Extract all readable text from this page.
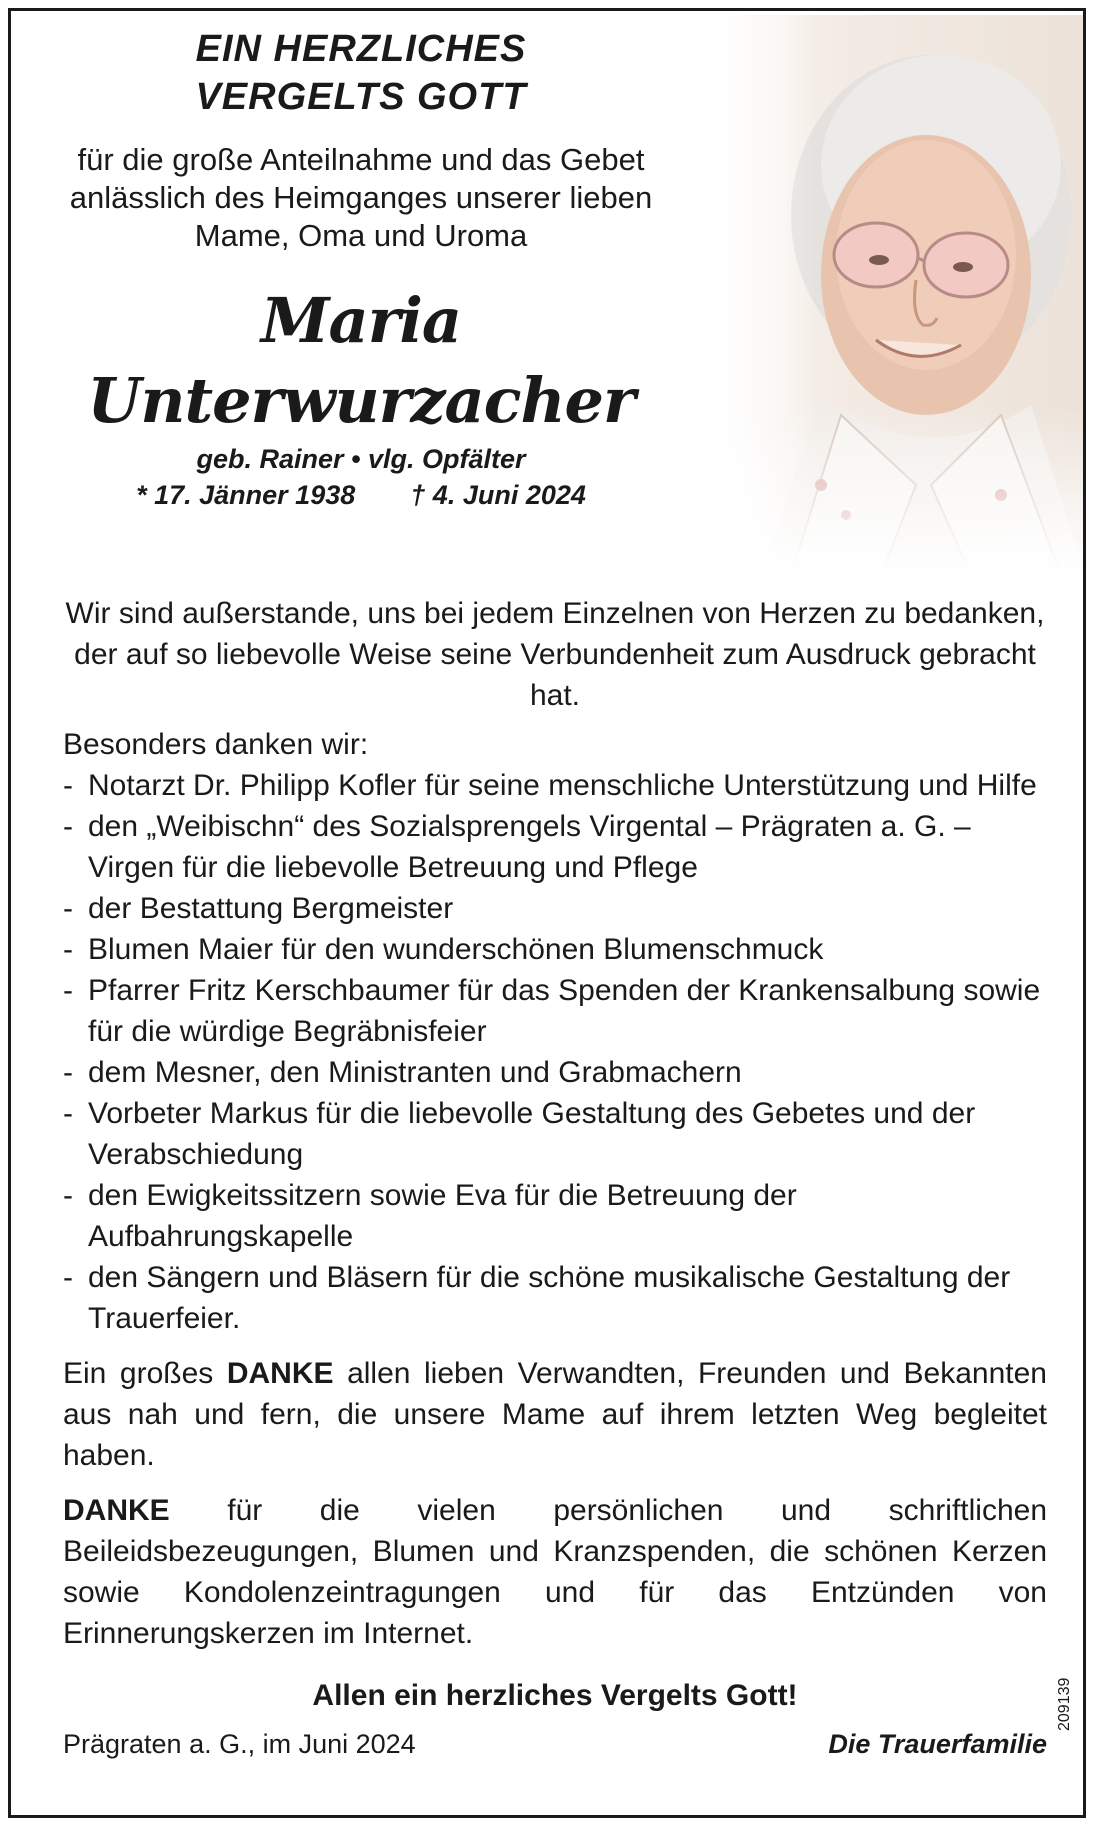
EIN HERZLICHES

VERGELTS GOTT

für die große Anteilnahme und das Gebet anlässlich des Heimganges unserer lieben Mame, Oma und Uroma

Maria

Unterwurzacher

geb. Rainer • vlg. Opfälter

* 17. Jänner 1938 † 4. Juni 2024

Wir sind außerstande, uns bei jedem Einzelnen von Herzen zu bedanken, der auf so liebevolle Weise seine Verbundenheit zum Ausdruck gebracht hat.

Besonders danken wir:

- Notarzt Dr. Philipp Kofler für seine menschliche Unterstützung und Hilfe
- den „Weibischn“ des Sozialsprengels Virgental – Prägraten a. G. – Virgen für die liebevolle Betreuung und Pflege
- der Bestattung Bergmeister
- Blumen Maier für den wunderschönen Blumenschmuck
- Pfarrer Fritz Kerschbaumer für das Spenden der Krankensalbung sowie für die würdige Begräbnisfeier
- dem Mesner, den Ministranten und Grabmachern
- Vorbeter Markus für die liebevolle Gestaltung des Gebetes und der Verabschiedung
- den Ewigkeitssitzern sowie Eva für die Betreuung der Aufbahrungskapelle
- den Sängern und Bläsern für die schöne musikalische Gestaltung der Trauerfeier.

Ein großes DANKE allen lieben Verwandten, Freunden und Bekannten aus nah und fern, die unsere Mame auf ihrem letzten Weg begleitet haben.

DANKE für die vielen persönlichen und schriftlichen Beileidsbezeugungen, Blumen und Kranzspenden, die schönen Kerzen sowie Kondolenzeintragungen und für das Entzünden von Erinnerungskerzen im Internet.

Allen ein herzliches Vergelts Gott!

Prägraten a. G., im Juni 2024	Die Trauerfamilie
209139
